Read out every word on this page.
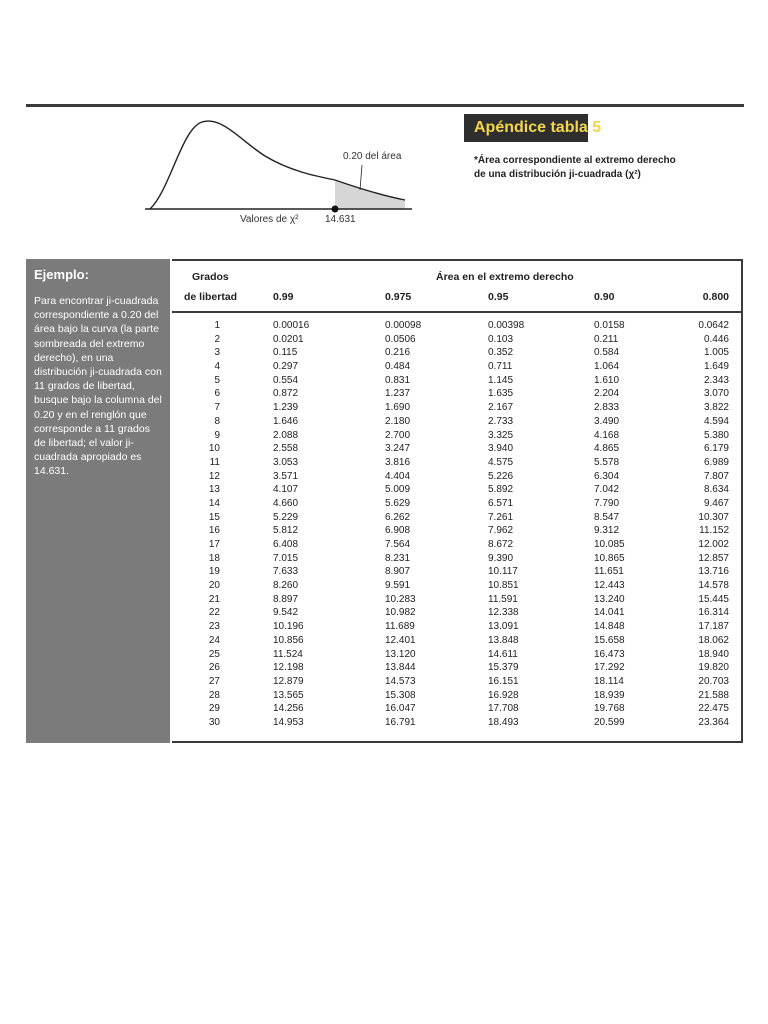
0.20 del área
Valores de χ²	14.631
Apéndice tabla 5
*Área correspondiente al extremo derecho
de una distribución ji-cuadrada (χ²)
Ejemplo:
Para encontrar ji-cuadrada correspondiente a 0.20 del área bajo la curva (la parte sombreada del extremo derecho), en una distribución ji-cuadrada con 11 grados de libertad, busque bajo la columna del 0.20 y en el renglón que corresponde a 11 grados de libertad; el valor ji-cuadrada apropiado es 14.631.
Grados
de libertad
Área en el extremo derecho
0.99	0.975	0.95	0.90	0.800
1	0.00016	0.00098	0.00398	0.0158	0.0642
2	0.0201	0.0506	0.103	0.211	0.446
3	0.115	0.216	0.352	0.584	1.005
4	0.297	0.484	0.711	1.064	1.649
5	0.554	0.831	1.145	1.610	2.343
6	0.872	1.237	1.635	2.204	3.070
7	1.239	1.690	2.167	2.833	3.822
8	1.646	2.180	2.733	3.490	4.594
9	2.088	2.700	3.325	4.168	5.380
10	2.558	3.247	3.940	4.865	6.179
11	3.053	3.816	4.575	5.578	6.989
12	3.571	4.404	5.226	6.304	7.807
13	4.107	5.009	5.892	7.042	8.634
14	4.660	5.629	6.571	7.790	9.467
15	5.229	6.262	7.261	8.547	10.307
16	5.812	6.908	7.962	9.312	11.152
17	6.408	7.564	8.672	10.085	12.002
18	7.015	8.231	9.390	10.865	12.857
19	7.633	8.907	10.117	11.651	13.716
20	8.260	9.591	10.851	12.443	14.578
21	8.897	10.283	11.591	13.240	15.445
22	9.542	10.982	12.338	14.041	16.314
23	10.196	11.689	13.091	14.848	17.187
24	10.856	12.401	13.848	15.658	18.062
25	11.524	13.120	14.611	16.473	18.940
26	12.198	13.844	15.379	17.292	19.820
27	12.879	14.573	16.151	18.114	20.703
28	13.565	15.308	16.928	18.939	21.588
29	14.256	16.047	17.708	19.768	22.475
30	14.953	16.791	18.493	20.599	23.364
